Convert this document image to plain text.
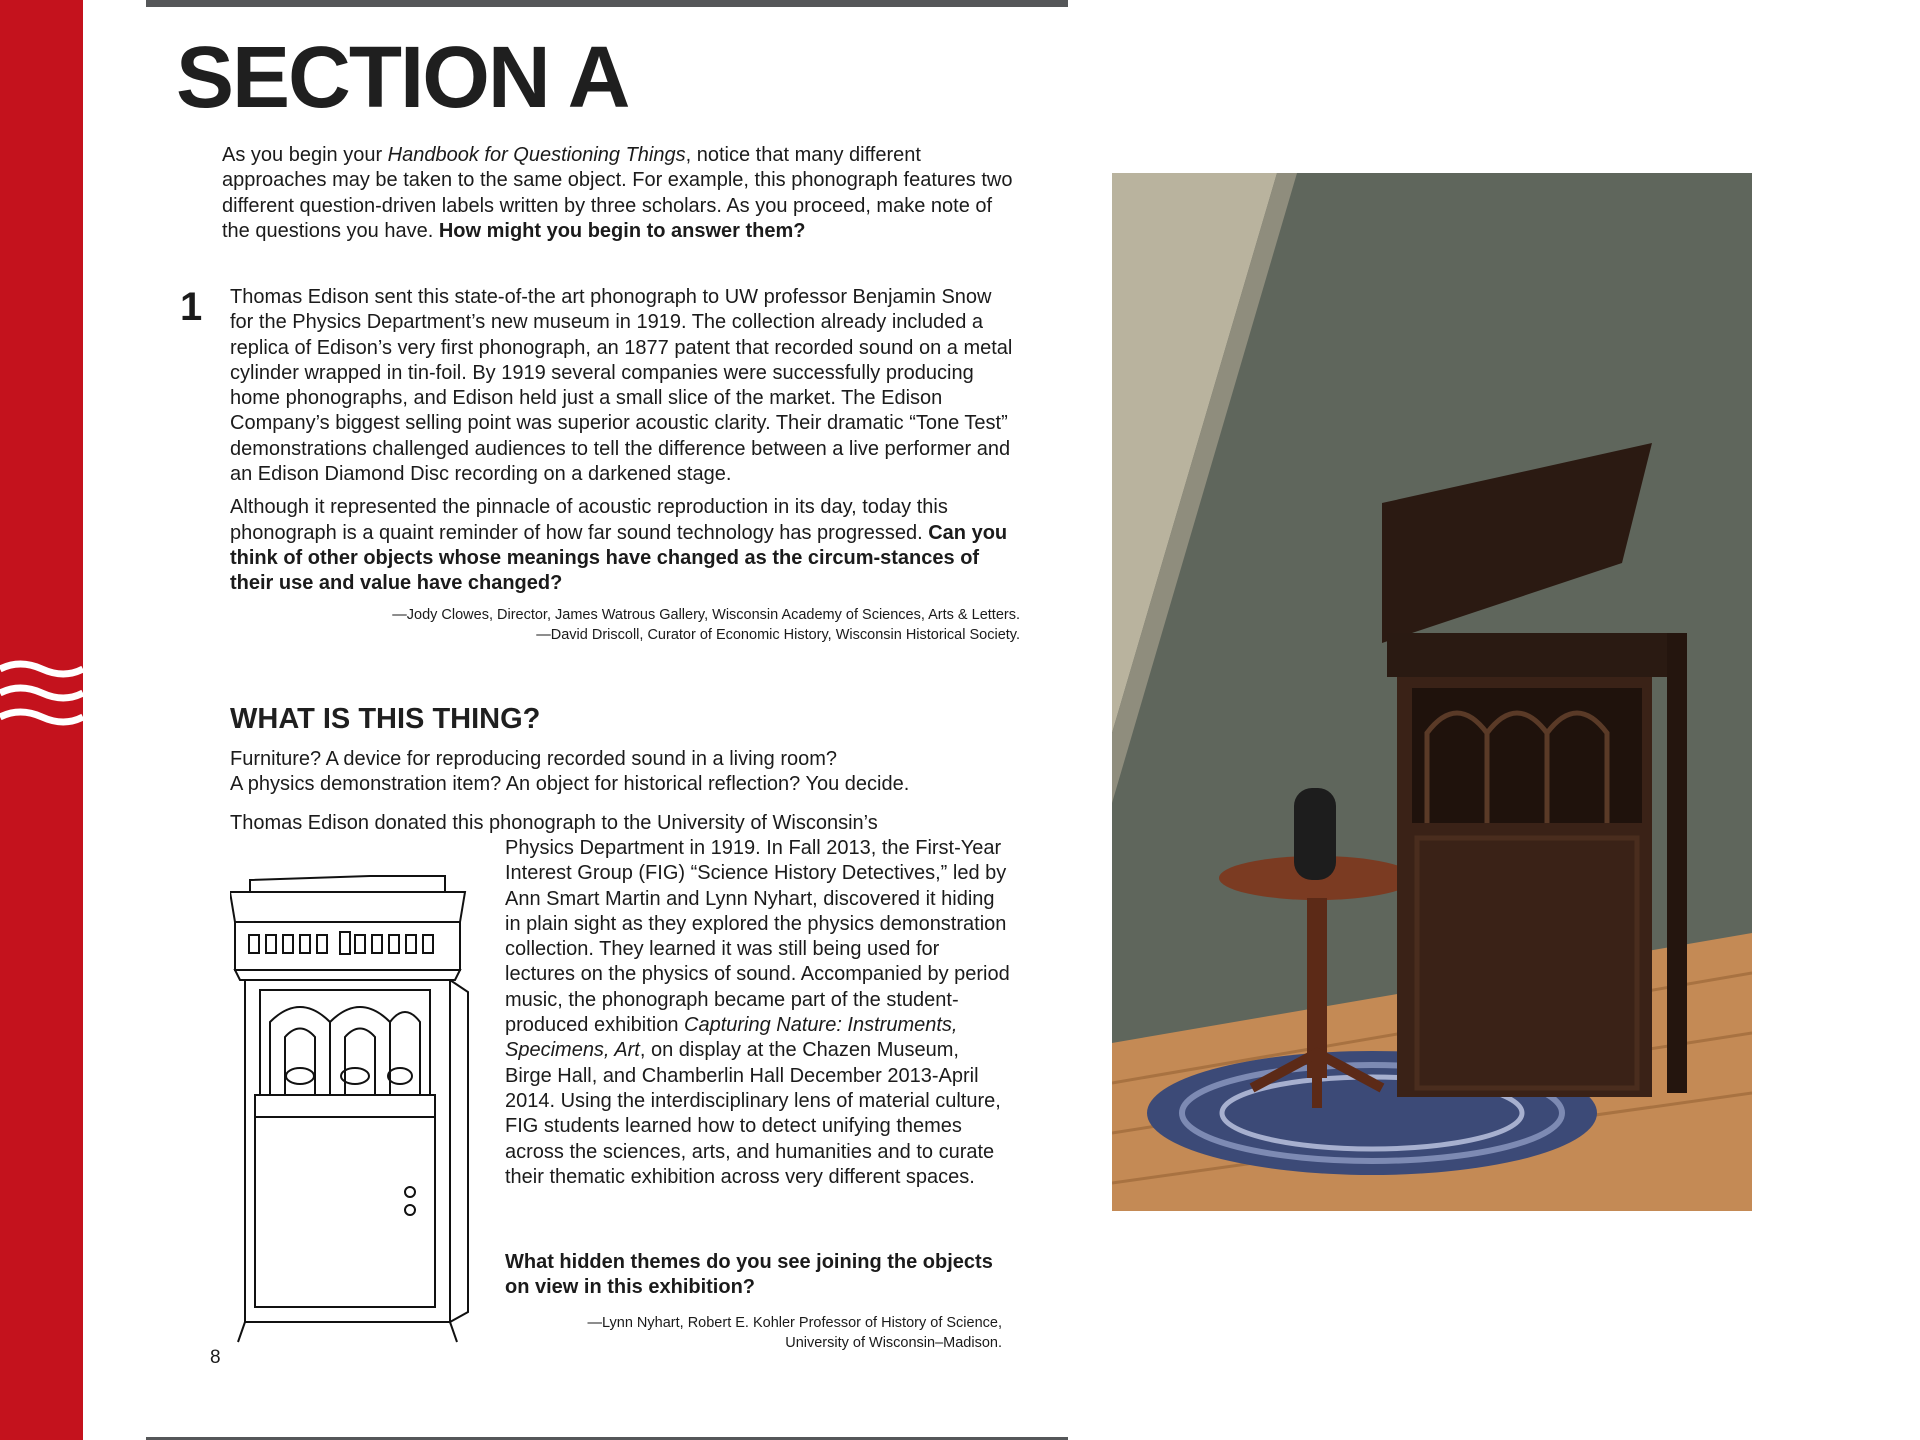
SECTION A

As you begin your Handbook for Questioning Things, notice that many different approaches may be taken to the same object. For example, this phonograph features two different question-driven labels written by three scholars. As you proceed, make note of the questions you have. How might you begin to answer them?

1 Thomas Edison sent this state-of-the art phonograph to UW professor Benjamin Snow for the Physics Department’s new museum in 1919. The collection already included a replica of Edison’s very first phonograph, an 1877 patent that recorded sound on a metal cylinder wrapped in tin-foil. By 1919 several companies were successfully producing home phonographs, and Edison held just a small slice of the market. The Edison Company’s biggest selling point was superior acoustic clarity. Their dramatic “Tone Test” demonstrations challenged audiences to tell the difference between a live performer and an Edison Diamond Disc recording on a darkened stage.

Although it represented the pinnacle of acoustic reproduction in its day, today this phonograph is a quaint reminder of how far sound technology has progressed. Can you think of other objects whose meanings have changed as the circum-stances of their use and value have changed?

—Jody Clowes, Director, James Watrous Gallery, Wisconsin Academy of Sciences, Arts & Letters.
—David Driscoll, Curator of Economic History, Wisconsin Historical Society.
WHAT IS THIS THING?

Furniture? A device for reproducing recorded sound in a living room?

A physics demonstration item? An object for historical reflection? You decide.

Thomas Edison donated this phonograph to the University of Wisconsin’s

Physics Department in 1919. In Fall 2013, the First-Year Interest Group (FIG) “Science History Detectives,” led by Ann Smart Martin and Lynn Nyhart, discovered it hiding in plain sight as they explored the physics demonstration collection. They learned it was still being used for lectures on the physics of sound. Accompanied by period music, the phonograph became part of the student-produced exhibition Capturing Nature: Instruments, Specimens, Art, on display at the Chazen Museum, Birge Hall, and Chamberlin Hall December 2013-April 2014. Using the interdisciplinary lens of material culture, FIG students learned how to detect unifying themes across the sciences, arts, and humanities and to curate their thematic exhibition across very different spaces.

What hidden themes do you see joining the objects on view in this exhibition?

—Lynn Nyhart, Robert E. Kohler Professor of History of Science,
University of Wisconsin–Madison.

8
